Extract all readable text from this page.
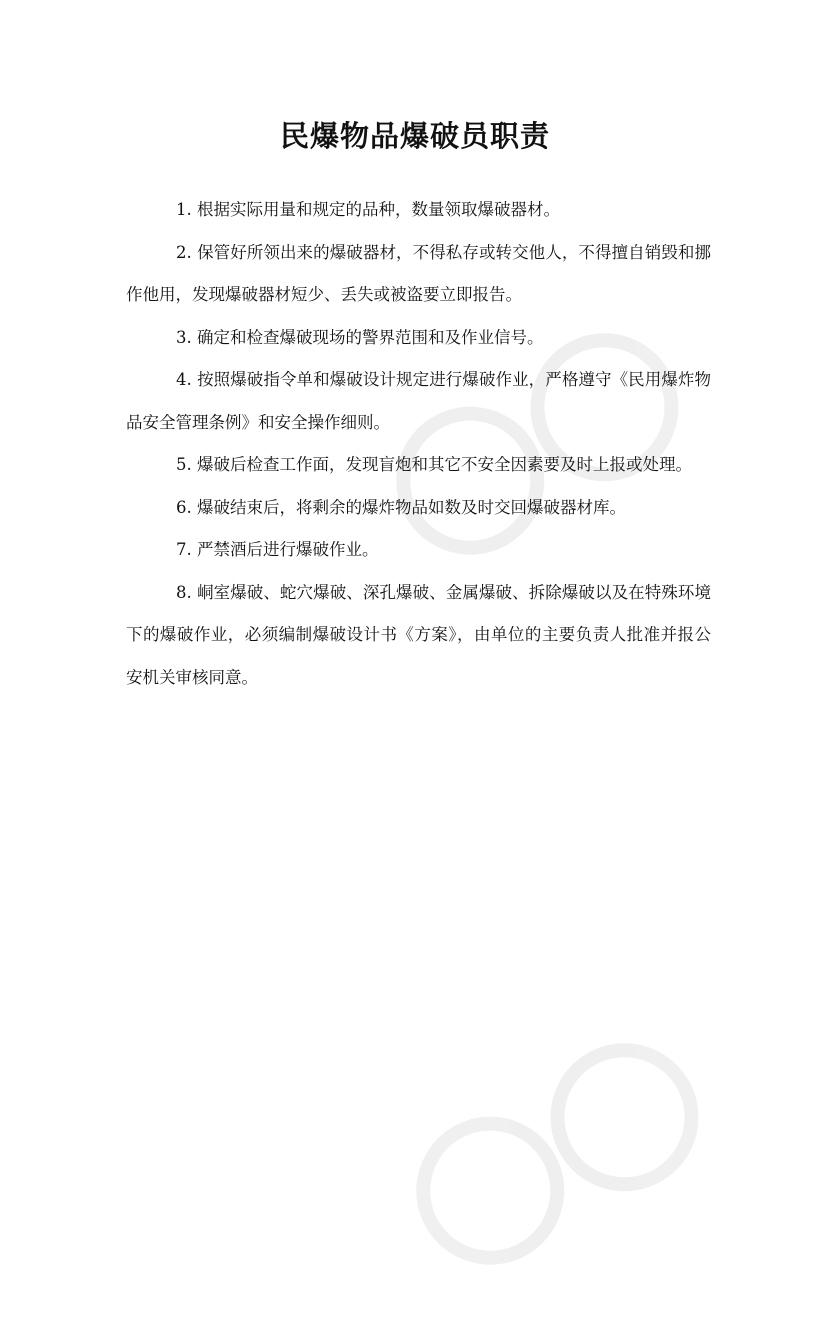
民爆物品爆破员职责

1. 根据实际用量和规定的品种，数量领取爆破器材。

2. 保管好所领出来的爆破器材，不得私存或转交他人，不得擅自销毁和挪作他用，发现爆破器材短少、丢失或被盗要立即报告。

3. 确定和检查爆破现场的警界范围和及作业信号。

4. 按照爆破指令单和爆破设计规定进行爆破作业，严格遵守《民用爆炸物品安全管理条例》和安全操作细则。

5. 爆破后检查工作面，发现盲炮和其它不安全因素要及时上报或处理。

6. 爆破结束后，将剩余的爆炸物品如数及时交回爆破器材库。

7. 严禁酒后进行爆破作业。

8. 峒室爆破、蛇穴爆破、深孔爆破、金属爆破、拆除爆破以及在特殊环境下的爆破作业，必须编制爆破设计书《方案》，由单位的主要负责人批准并报公安机关审核同意。
